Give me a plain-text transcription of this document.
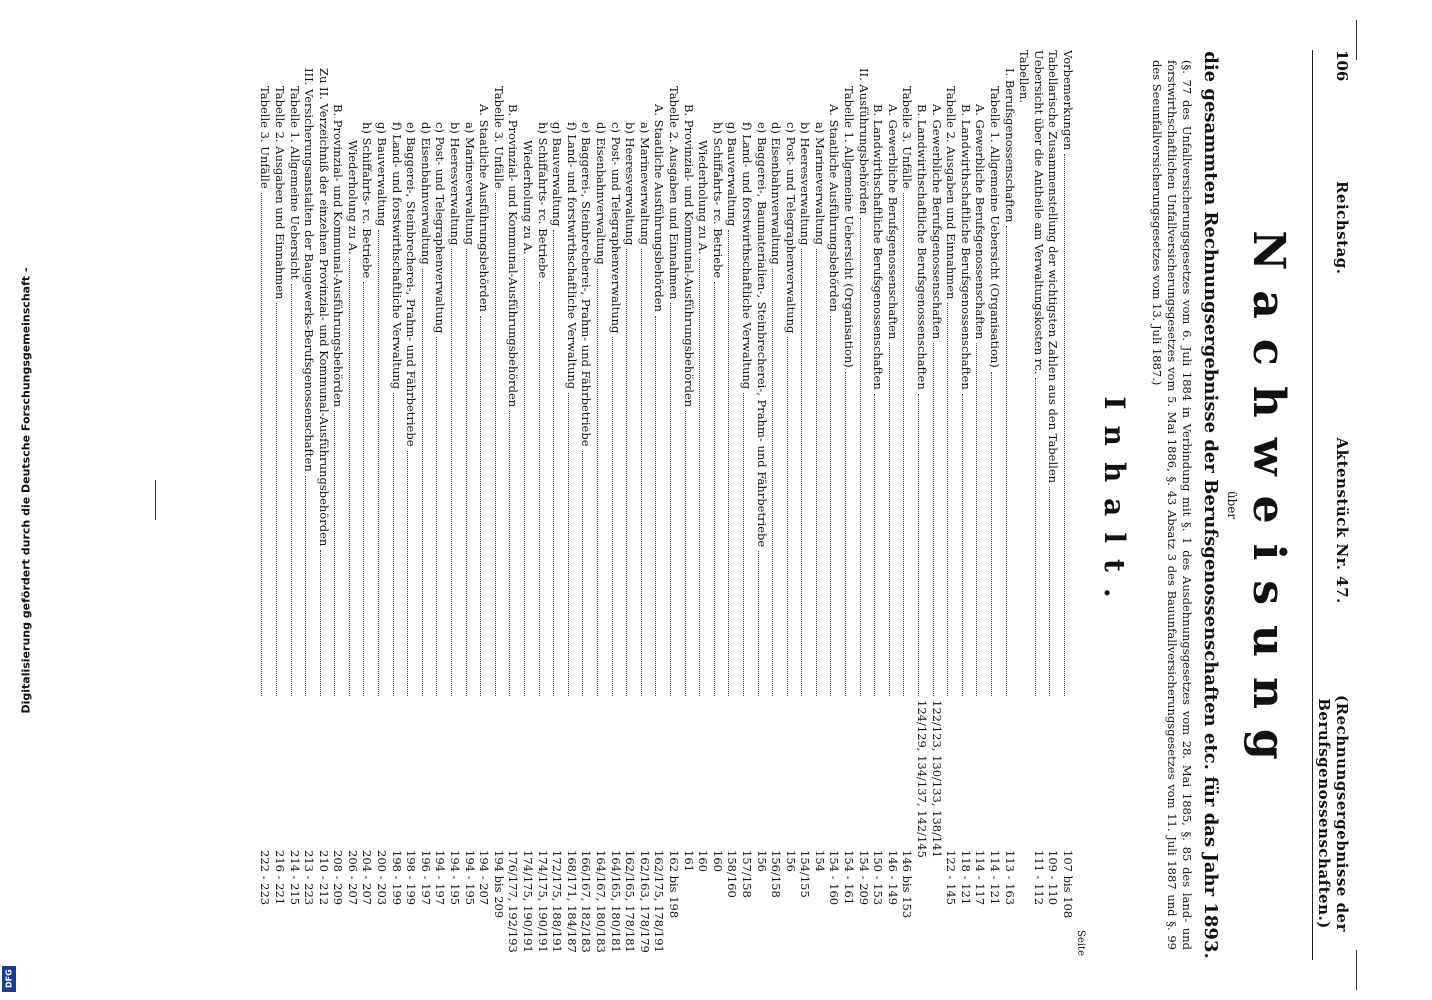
106
Reichstag.
Aktenstück Nr. 47.
(Rechnungsergebnisse der Berufsgenossenschaften.)
Nachweisung
über
die gesammten Rechnungsergebnisse der Berufsgenossenschaften etc. für das Jahr 1893.
(§. 77 des Unfallversicherungsgesetzes vom 6. Juli 1884 in Verbindung mit §. 1 des Ausdehnungsgesetzes vom 28. Mai 1885, §. 85 des land- und forstwirthschaftlichen Unfallversicherungsgesetzes vom 5. Mai 1886, §. 43 Absatz 3 des Bauunfallversicherungsgesetzes vom 11. Juli 1887 und §. 99 des Seeunfallversicherungsgesetzes vom 13. Juli 1887.)
Inhalt.
Seite
Vorbemerkungen
107 bis 108
Tabellarische Zusammenstellung der wichtigsten Zahlen aus den Tabellen
109 - 110
Uebersicht über die Antheile am Verwaltungskosten rc.
111 - 112
Tabellen.
I. Berufsgenossenschaften
113 - 163
Tabelle 1. Allgemeine Uebersicht (Organisation)
114 - 121
A. Gewerbliche Berufsgenossenschaften
114 - 117
B. Landwirthschaftliche Berufsgenossenschaften
118 - 121
Tabelle 2. Ausgaben und Einnahmen
122 - 145
A. Gewerbliche Berufsgenossenschaften
122/123, 130/133, 138/141
B. Landwirthschaftliche Berufsgenossenschaften
124/129, 134/137, 142/145
Tabelle 3. Unfälle
146 bis 153
A. Gewerbliche Berufsgenossenschaften
146 - 149
B. Landwirthschaftliche Berufsgenossenschaften
150 - 153
II. Ausführungsbehörden
154 - 209
Tabelle 1. Allgemeine Uebersicht (Organisation)
154 - 161
A. Staatliche Ausführungsbehörden
154 - 160
a) Marineverwaltung
154
b) Heeresverwaltung
154/155
c) Post- und Telegraphenverwaltung
156
d) Eisenbahnverwaltung
156/158
e) Baggerei-, Baumaterialien-, Steinbrecherei-, Prahm- und Fährbetriebe
156
f) Land- und forstwirthschaftliche Verwaltung
157/158
g) Bauverwaltung
158/160
h) Schiffahrts- rc. Betriebe
160
Wiederholung zu A.
160
B. Provinzial- und Kommunal-Ausführungsbehörden
161
Tabelle 2. Ausgaben und Einnahmen
162 bis 198
A. Staatliche Ausführungsbehörden
162/175, 178/191
a) Marineverwaltung
162/163, 178/179
b) Heeresverwaltung
162/165, 178/181
c) Post- und Telegraphenverwaltung
164/165, 180/181
d) Eisenbahnverwaltung
164/167, 180/183
e) Baggerei-, Steinbrecherei-, Prahm- und Fährbetriebe
166/167, 182/183
f) Land- und forstwirthschaftliche Verwaltung
168/171, 184/187
g) Bauverwaltung
172/175, 188/191
h) Schiffahrts- rc. Betriebe
174/175, 190/191
Wiederholung zu A.
174/175, 190/191
B. Provinzial- und Kommunal-Ausführungsbehörden
176/177, 192/193
Tabelle 3. Unfälle
194 bis 209
A. Staatliche Ausführungsbehörden
194 - 207
a) Marineverwaltung
194 - 195
b) Heeresverwaltung
194 - 195
c) Post- und Telegraphenverwaltung
194 - 197
d) Eisenbahnverwaltung
196 - 197
e) Baggerei-, Steinbrecherei-, Prahm- und Fährbetriebe
198 - 199
f) Land- und forstwirthschaftliche Verwaltung
198 - 199
g) Bauverwaltung
200 - 203
h) Schiffahrts- rc. Betriebe
204 - 207
Wiederholung zu A.
206 - 207
B. Provinzial- und Kommunal-Ausführungsbehörden
208 - 209
Zu II. Verzeichniß der einzelnen Provinzial- und Kommunal-Ausführungsbehörden
210 - 212
III. Versicherungsanstalten der Baugewerks-Berufsgenossenschaften
213 - 223
Tabelle 1. Allgemeine Uebersicht
214 - 215
Tabelle 2. Ausgaben und Einnahmen
216 - 221
Tabelle 3. Unfälle
222 - 223
Digitalisierung gefördert durch die Deutsche Forschungsgemeinschaft -
DFG
